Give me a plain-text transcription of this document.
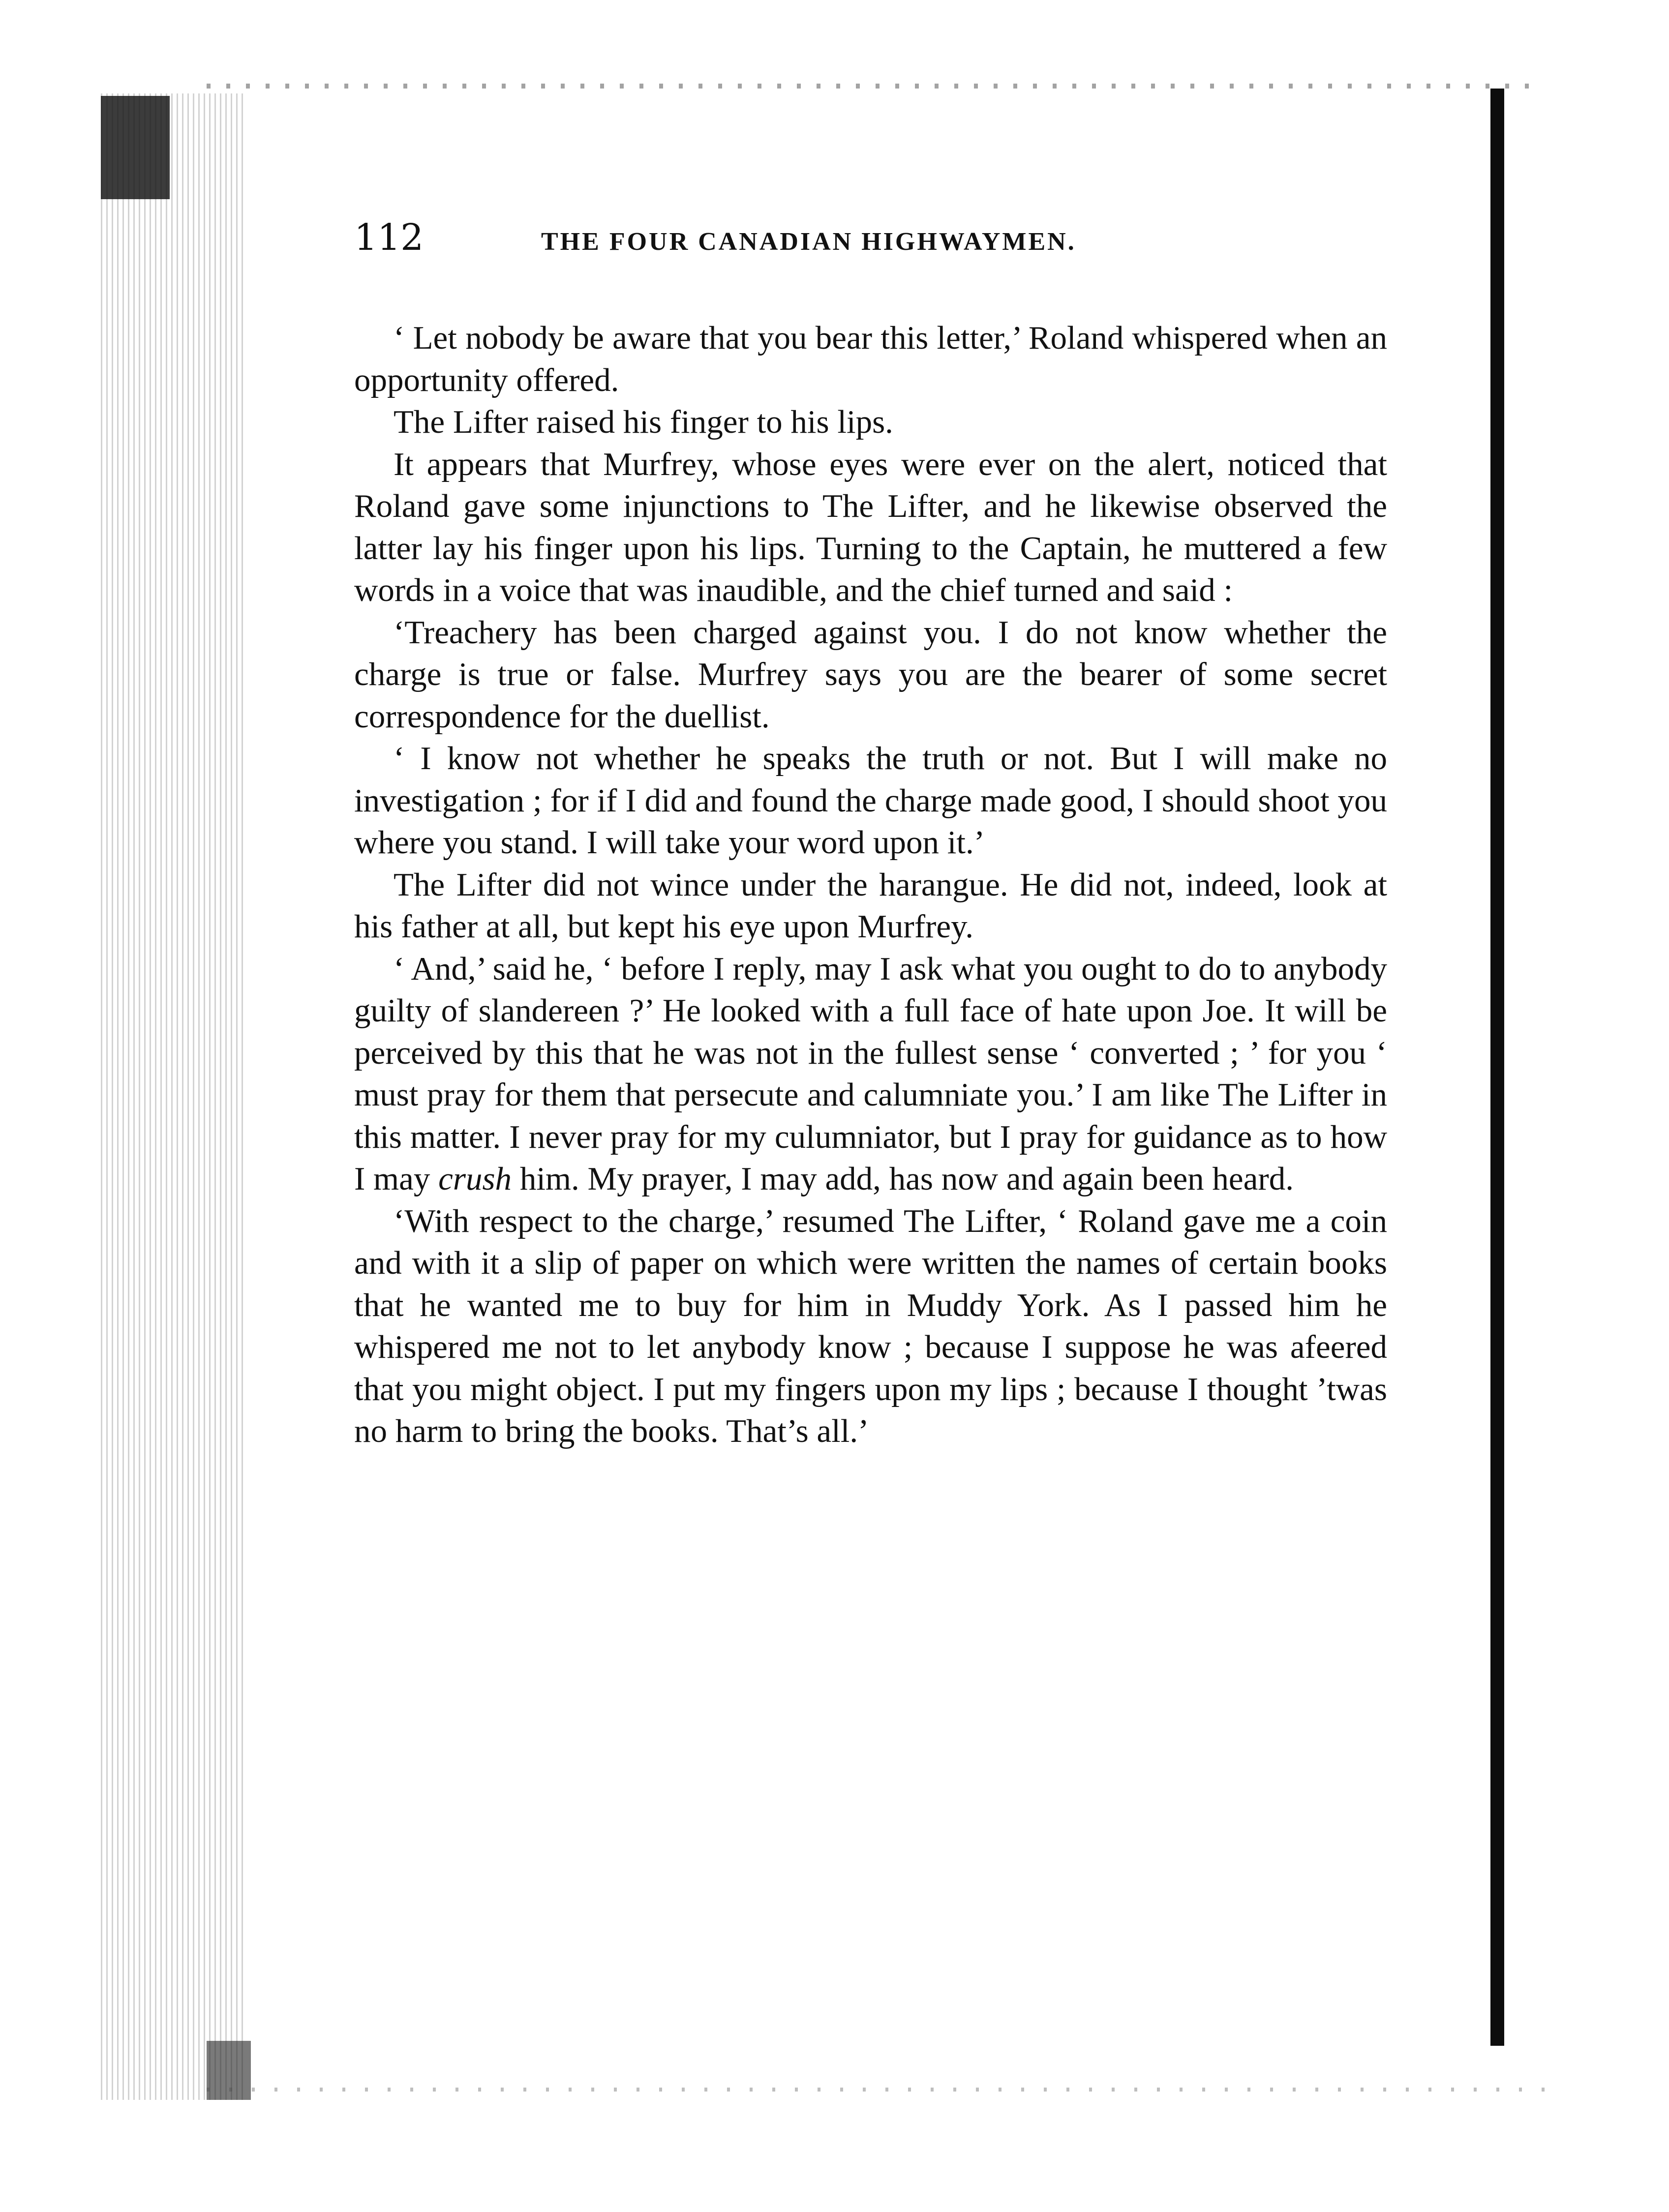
112	THE FOUR CANADIAN HIGHWAYMEN.

‘ Let nobody be aware that you bear this letter,’ Roland whispered when an opportunity offered.

The Lifter raised his finger to his lips.

It appears that Murfrey, whose eyes were ever on the alert, noticed that Roland gave some injunctions to The Lifter, and he likewise observed the latter lay his finger upon his lips. Turning to the Captain, he muttered a few words in a voice that was inaudible, and the chief turned and said :

‘Treachery has been charged against you. I do not know whether the charge is true or false. Murfrey says you are the bearer of some secret correspondence for the duellist.

‘ I know not whether he speaks the truth or not. But I will make no investigation ; for if I did and found the charge made good, I should shoot you where you stand. I will take your word upon it.’

The Lifter did not wince under the harangue. He did not, indeed, look at his father at all, but kept his eye upon Murfrey.

‘ And,’ said he, ‘ before I reply, may I ask what you ought to do to anybody guilty of slandereen ?’ He looked with a full face of hate upon Joe. It will be perceived by this that he was not in the fullest sense ‘ converted ; ’ for you ‘ must pray for them that persecute and calumniate you.’ I am like The Lifter in this matter. I never pray for my culumniator, but I pray for guidance as to how I may crush him. My prayer, I may add, has now and again been heard.

‘With respect to the charge,’ resumed The Lifter, ‘ Roland gave me a coin and with it a slip of paper on which were written the names of certain books that he wanted me to buy for him in Muddy York. As I passed him he whispered me not to let anybody know ; because I suppose he was afeered that you might object. I put my fingers upon my lips ; because I thought ’twas no harm to bring the books. That’s all.’
